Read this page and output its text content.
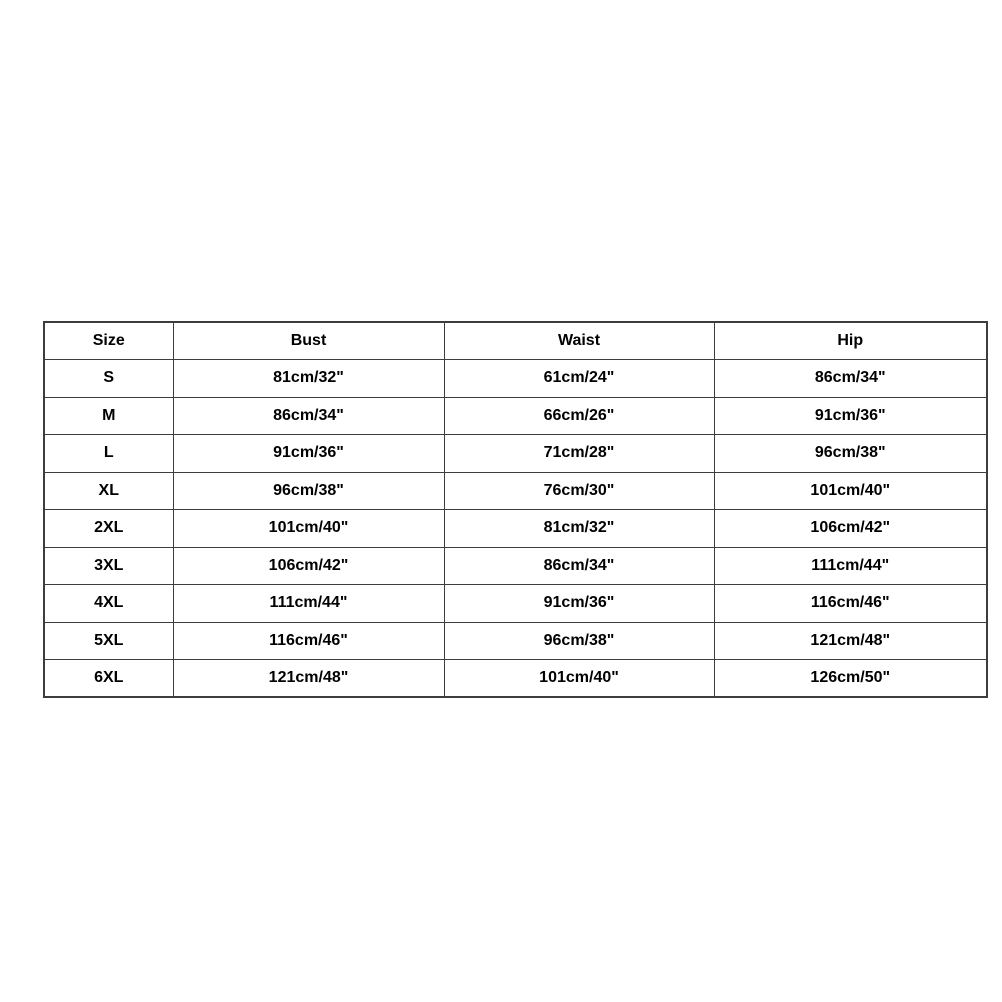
Size	Bust	Waist	Hip
S	81cm/32"	61cm/24"	86cm/34"
M	86cm/34"	66cm/26"	91cm/36"
L	91cm/36"	71cm/28"	96cm/38"
XL	96cm/38"	76cm/30"	101cm/40"
2XL	101cm/40"	81cm/32"	106cm/42"
3XL	106cm/42"	86cm/34"	111cm/44"
4XL	111cm/44"	91cm/36"	116cm/46"
5XL	116cm/46"	96cm/38"	121cm/48"
6XL	121cm/48"	101cm/40"	126cm/50"
